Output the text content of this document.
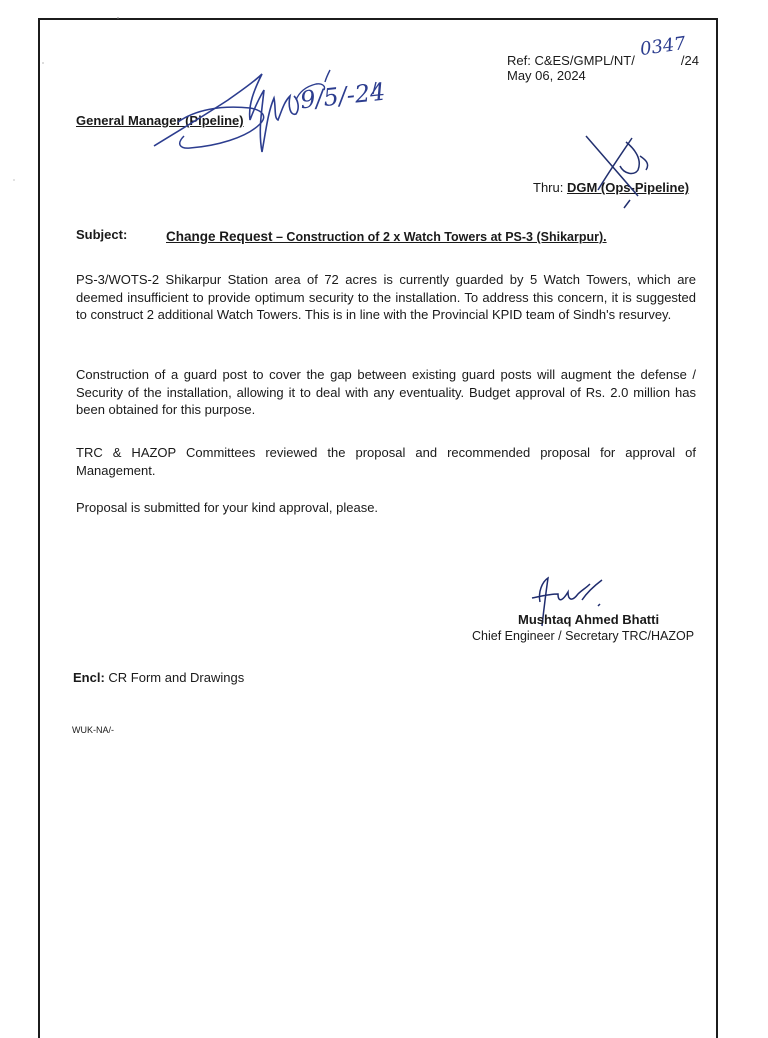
Ref: C&ES/GMPL/NT/	/24
0347
May 06, 2024
General Manager (Pipeline)
9/5/-24
Thru: DGM (Ops-Pipeline)
Subject:	Change Request – Construction of 2 x Watch Towers at PS-3 (Shikarpur).
PS-3/WOTS-2 Shikarpur Station area of 72 acres is currently guarded by 5 Watch Towers, which are deemed insufficient to provide optimum security to the installation. To address this concern, it is suggested to construct 2 additional Watch Towers. This is in line with the Provincial KPID team of Sindh's resurvey.
Construction of a guard post to cover the gap between existing guard posts will augment the defense / Security of the installation, allowing it to deal with any eventuality. Budget approval of Rs. 2.0 million has been obtained for this purpose.
TRC & HAZOP Committees reviewed the proposal and recommended proposal for approval of Management.
Proposal is submitted for your kind approval, please.
Mushtaq Ahmed Bhatti
Chief Engineer / Secretary TRC/HAZOP
Encl: CR Form and Drawings
WUK-NA/-
